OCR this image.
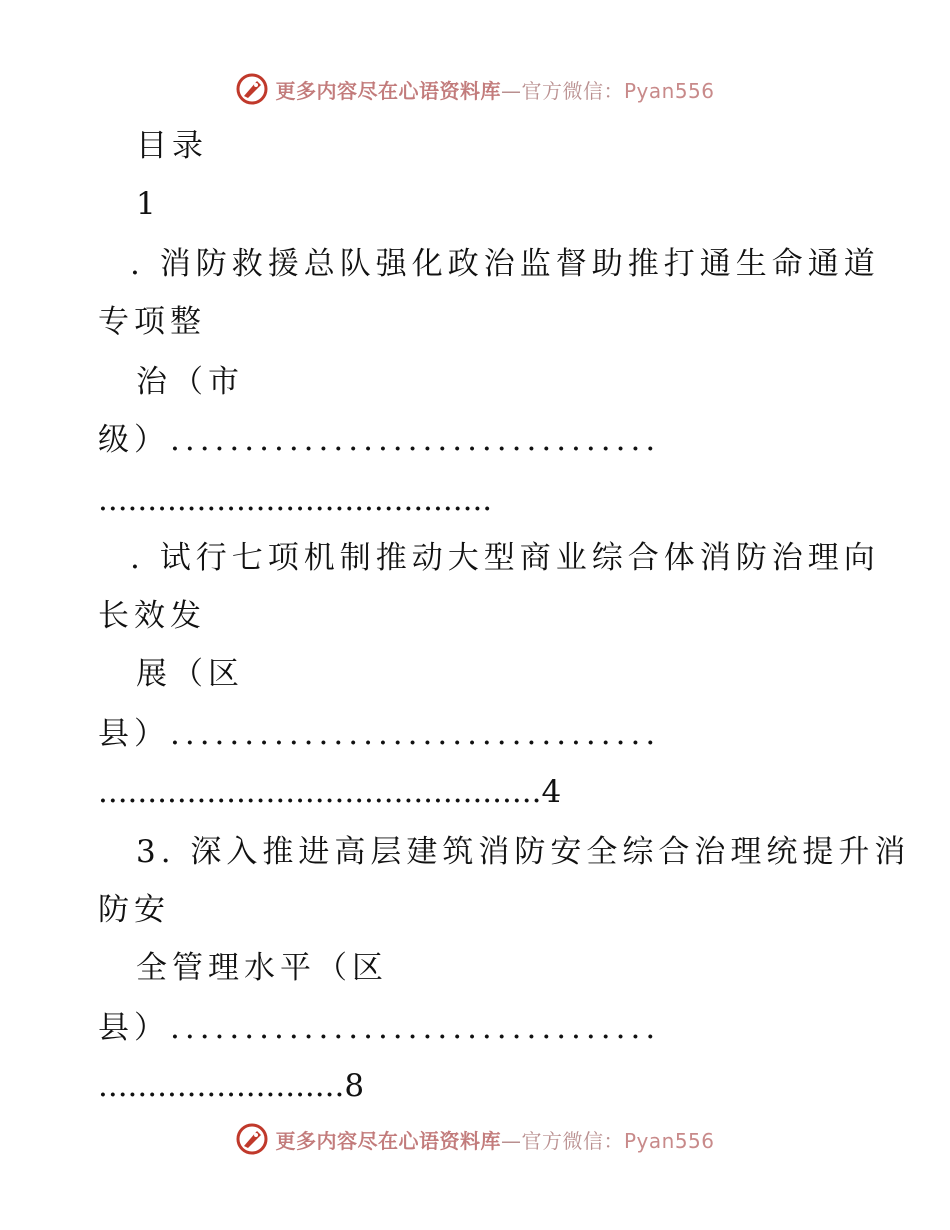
更多内容尽在心语资料库—官方微信：Pyan556
目录
1
. 消防救援总队强化政治监督助推打通生命通道
专项整
治（市
级）.................................
........................................
. 试行七项机制推动大型商业综合体消防治理向
长效发
展（区
县）.................................
.............................................4
3. 深入推进高层建筑消防安全综合治理统提升消
防安
全管理水平（区
县）.................................
.........................8
更多内容尽在心语资料库—官方微信：Pyan556
